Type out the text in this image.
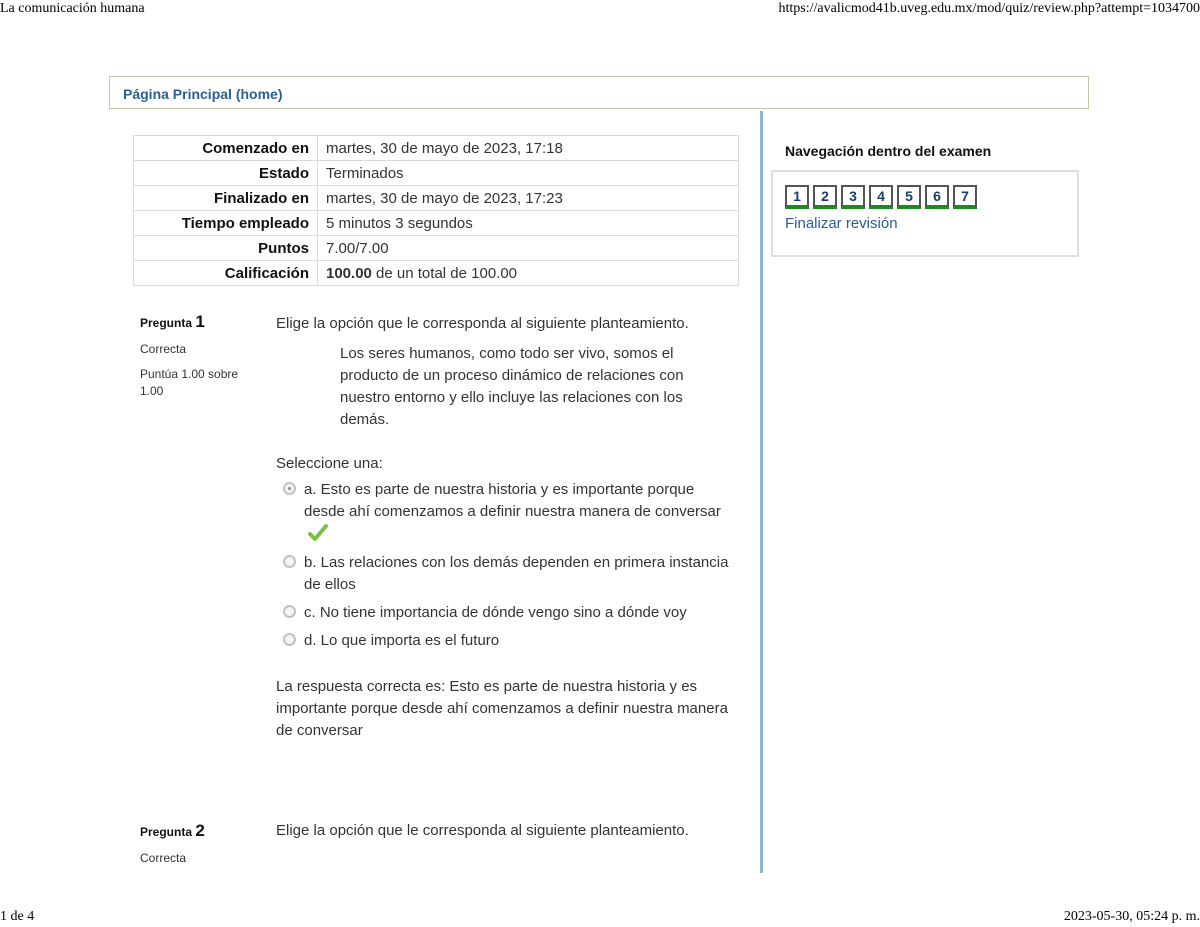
La comunicación humana	https://avalicmod41b.uveg.edu.mx/mod/quiz/review.php?attempt=1034700
1 de 4	2023-05-30, 05:24 p. m.
Página Principal (home)
Comenzado en	martes, 30 de mayo de 2023, 17:18
Estado	Terminados
Finalizado en	martes, 30 de mayo de 2023, 17:23
Tiempo empleado	5 minutos 3 segundos
Puntos	7.00/7.00
Calificación	100.00 de un total de 100.00
Pregunta 1
Correcta
Puntúa 1.00 sobre 1.00

Elige la opción que le corresponda al siguiente planteamiento.

Los seres humanos, como todo ser vivo, somos el producto de un proceso dinámico de relaciones con nuestro entorno y ello incluye las relaciones con los demás.
Seleccione una:
a. Esto es parte de nuestra historia y es importante porque desde ahí comenzamos a definir nuestra manera de conversar
b. Las relaciones con los demás dependen en primera instancia de ellos
c. No tiene importancia de dónde vengo sino a dónde voy
d. Lo que importa es el futuro
La respuesta correcta es: Esto es parte de nuestra historia y es importante porque desde ahí comenzamos a definir nuestra manera de conversar
Pregunta 2
Correcta

Elige la opción que le corresponda al siguiente planteamiento.

Navegación dentro del examen
1	2	3	4	5	6	7
Finalizar revisión
